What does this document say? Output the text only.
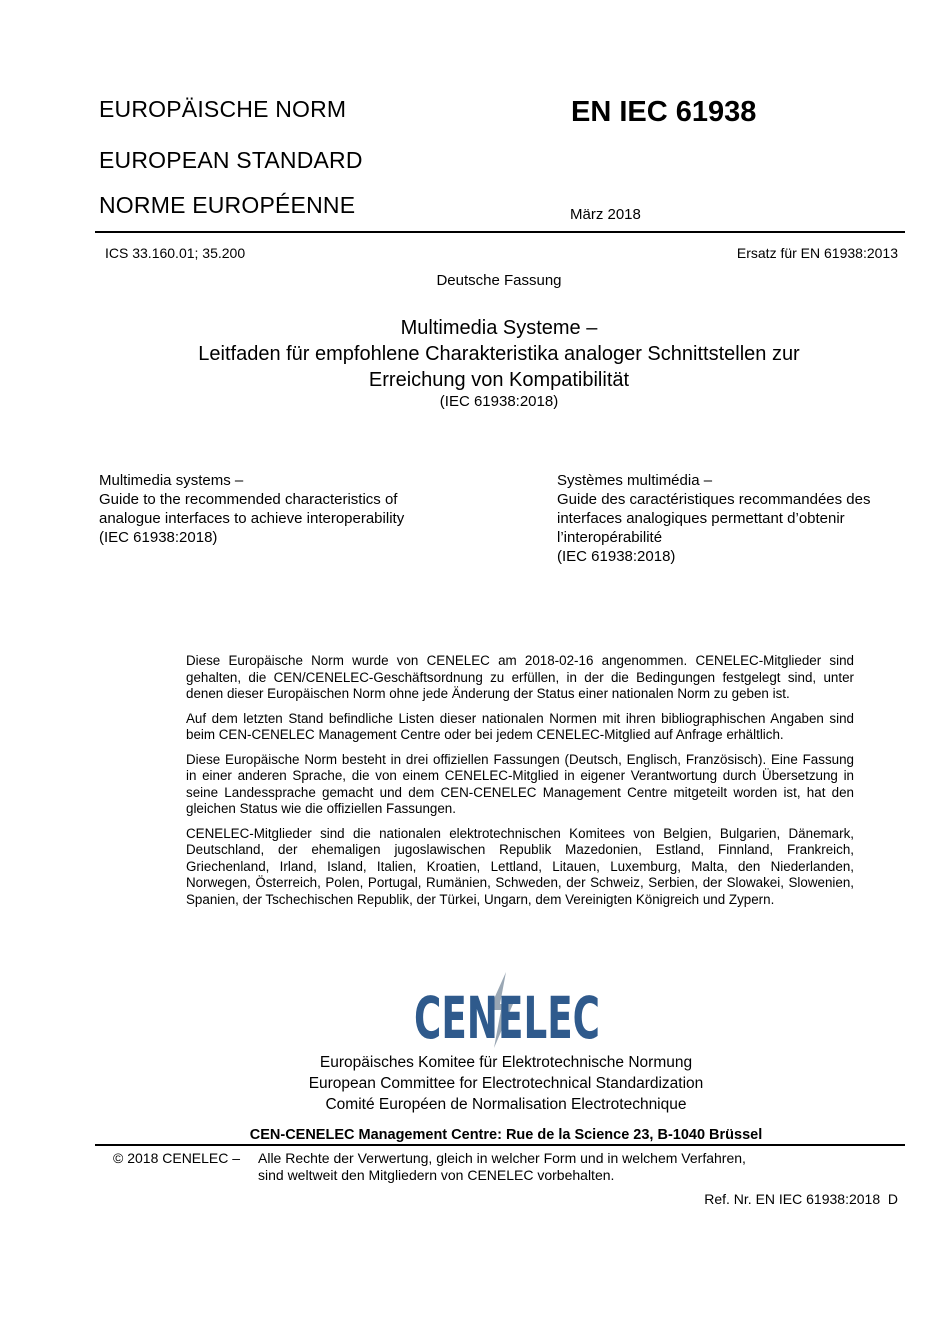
EUROPÄISCHE NORM
EUROPEAN STANDARD
NORME EUROPÉENNE
EN IEC 61938
März 2018
ICS 33.160.01; 35.200	Ersatz für EN 61938:2013
Deutsche Fassung
Multimedia Systeme –
Leitfaden für empfohlene Charakteristika analoger Schnittstellen zur
Erreichung von Kompatibilität
(IEC 61938:2018)
Multimedia systems –
Guide to the recommended characteristics of
analogue interfaces to achieve interoperability
(IEC 61938:2018)
Systèmes multimédia –
Guide des caractéristiques recommandées des
interfaces analogiques permettant d’obtenir
l’interopérabilité
(IEC 61938:2018)

Diese Europäische Norm wurde von CENELEC am 2018-02-16 angenommen. CENELEC-Mitglieder sind gehalten, die CEN/CENELEC-Geschäftsordnung zu erfüllen, in der die Bedingungen festgelegt sind, unter denen dieser Europäischen Norm ohne jede Änderung der Status einer nationalen Norm zu geben ist.

Auf dem letzten Stand befindliche Listen dieser nationalen Normen mit ihren bibliographischen Angaben sind beim CEN-CENELEC Management Centre oder bei jedem CENELEC-Mitglied auf Anfrage erhältlich.

Diese Europäische Norm besteht in drei offiziellen Fassungen (Deutsch, Englisch, Französisch). Eine Fassung in einer anderen Sprache, die von einem CENELEC-Mitglied in eigener Verantwortung durch Übersetzung in seine Landessprache gemacht und dem CEN-CENELEC Management Centre mitgeteilt worden ist, hat den gleichen Status wie die offiziellen Fassungen.

CENELEC-Mitglieder sind die nationalen elektrotechnischen Komitees von Belgien, Bulgarien, Dänemark, Deutschland, der ehemaligen jugoslawischen Republik Mazedonien, Estland, Finnland, Frankreich, Griechenland, Irland, Island, Italien, Kroatien, Lettland, Litauen, Luxemburg, Malta, den Niederlanden, Norwegen, Österreich, Polen, Portugal, Rumänien, Schweden, der Schweiz, Serbien, der Slowakei, Slowenien, Spanien, der Tschechischen Republik, der Türkei, Ungarn, dem Vereinigten Königreich und Zypern.

CENELEC
Europäisches Komitee für Elektrotechnische Normung
European Committee for Electrotechnical Standardization
Comité Européen de Normalisation Electrotechnique
CEN-CENELEC Management Centre: Rue de la Science 23, B-1040 Brüssel
© 2018 CENELEC – Alle Rechte der Verwertung, gleich in welcher Form und in welchem Verfahren,
sind weltweit den Mitgliedern von CENELEC vorbehalten.
Ref. Nr. EN IEC 61938:2018  D
